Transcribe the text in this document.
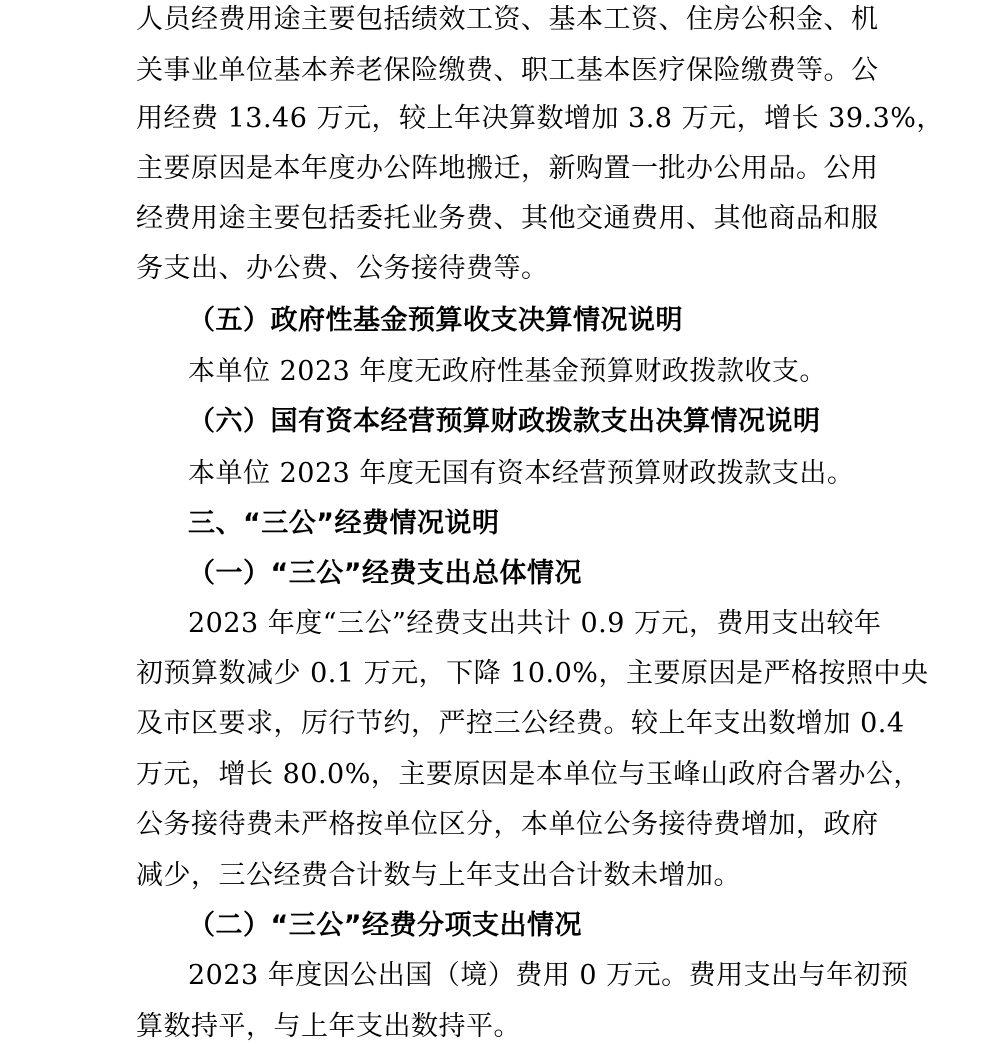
人员经费用途主要包括绩效工资、基本工资、住房公积金、机
关事业单位基本养老保险缴费、职工基本医疗保险缴费等。公
用经费 13.46 万元，较上年决算数增加 3.8 万元，增长 39.3%，
主要原因是本年度办公阵地搬迁，新购置一批办公用品。公用
经费用途主要包括委托业务费、其他交通费用、其他商品和服
务支出、办公费、公务接待费等。
（五）政府性基金预算收支决算情况说明
本单位 2023 年度无政府性基金预算财政拨款收支。
（六）国有资本经营预算财政拨款支出决算情况说明
本单位 2023 年度无国有资本经营预算财政拨款支出。
三、“三公”经费情况说明
（一）“三公”经费支出总体情况
2023 年度“三公”经费支出共计 0.9 万元，费用支出较年
初预算数减少 0.1 万元，下降 10.0%，主要原因是严格按照中央
及市区要求，厉行节约，严控三公经费。较上年支出数增加 0.4
万元，增长 80.0%，主要原因是本单位与玉峰山政府合署办公，
公务接待费未严格按单位区分，本单位公务接待费增加，政府
减少，三公经费合计数与上年支出合计数未增加。
（二）“三公”经费分项支出情况
2023 年度因公出国（境）费用 0 万元。费用支出与年初预
算数持平，与上年支出数持平。
